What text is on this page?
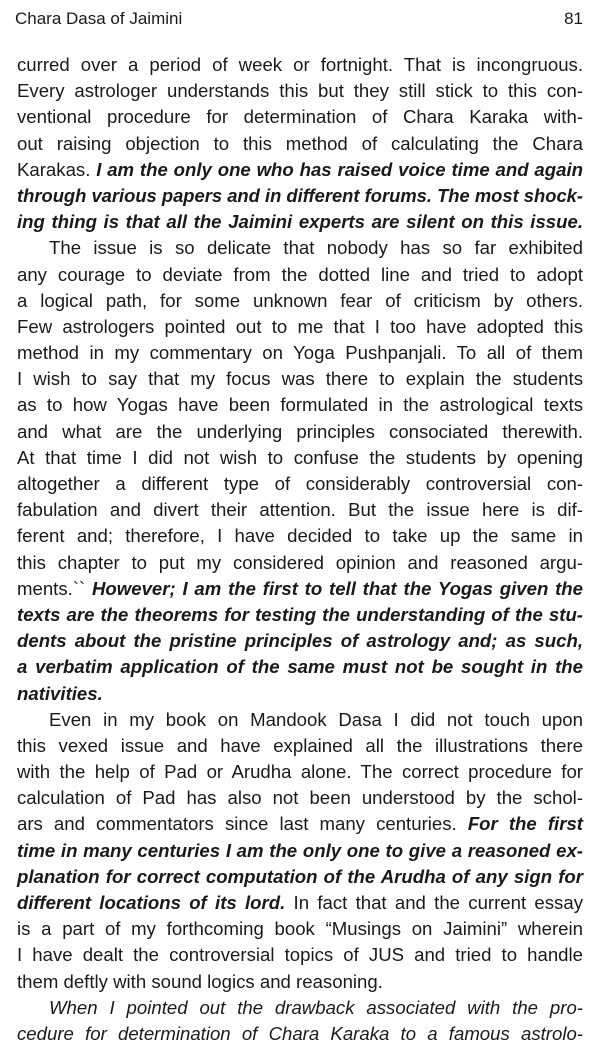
Chara Dasa of Jaimini	81
curred over a period of week or fortnight. That is incongruous.
Every astrologer understands this but they still stick to this con-
ventional procedure for determination of Chara Karaka with-
out raising objection to this method of calculating the Chara
Karakas. I am the only one who has raised voice time and again
through various papers and in different forums. The most shock-
ing thing is that all the Jaimini experts are silent on this issue.
The issue is so delicate that nobody has so far exhibited
any courage to deviate from the dotted line and tried to adopt
a logical path, for some unknown fear of criticism by others.
Few astrologers pointed out to me that I too have adopted this
method in my commentary on Yoga Pushpanjali. To all of them
I wish to say that my focus was there to explain the students
as to how Yogas have been formulated in the astrological texts
and what are the underlying principles consociated therewith.
At that time I did not wish to confuse the students by opening
altogether a different type of considerably controversial con-
fabulation and divert their attention. But the issue here is dif-
ferent and; therefore, I have decided to take up the same in
this chapter to put my considered opinion and reasoned argu-
ments.`` However; I am the first to tell that the Yogas given the
texts are the theorems for testing the understanding of the stu-
dents about the pristine principles of astrology and; as such,
a verbatim application of the same must not be sought in the
nativities.
Even in my book on Mandook Dasa I did not touch upon
this vexed issue and have explained all the illustrations there
with the help of Pad or Arudha alone. The correct procedure for
calculation of Pad has also not been understood by the schol-
ars and commentators since last many centuries. For the first
time in many centuries I am the only one to give a reasoned ex-
planation for correct computation of the Arudha of any sign for
different locations of its lord. In fact that and the current essay
is a part of my forthcoming book “Musings on Jaimini” wherein
I have dealt the controversial topics of JUS and tried to handle
them deftly with sound logics and reasoning.
When I pointed out the drawback associated with the pro-
cedure for determination of Chara Karaka to a famous astrolo-
